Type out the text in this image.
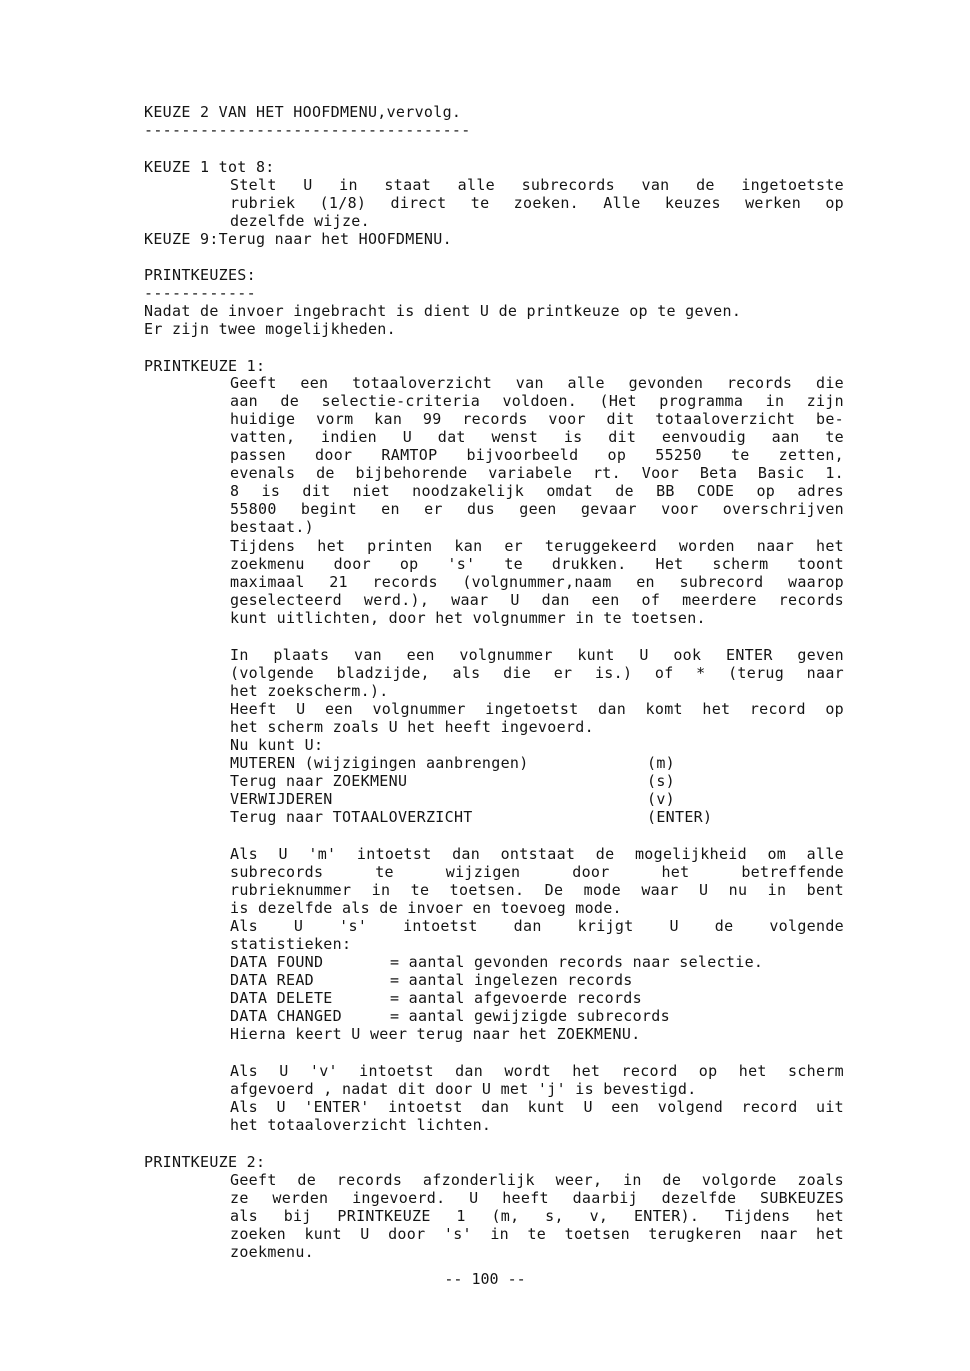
KEUZE 2 VAN HET HOOFDMENU,vervolg.
-----------------------------------
KEUZE 1 tot 8:
Stelt U in staat alle subrecords van de ingetoetste
rubriek (1/8) direct te zoeken. Alle keuzes werken op
dezelfde wijze.
KEUZE 9:Terug naar het HOOFDMENU.
PRINTKEUZES:
------------
Nadat de invoer ingebracht is dient U de printkeuze op te geven.
Er zijn twee mogelijkheden.
PRINTKEUZE 1:
Geeft een totaaloverzicht van alle gevonden records die
aan de selectie-criteria voldoen. (Het programma in zijn
huidige vorm kan 99 records voor dit totaaloverzicht be-
vatten, indien U dat wenst is dit eenvoudig aan te
passen door RAMTOP bijvoorbeeld op 55250 te zetten,
evenals de bijbehorende variabele rt. Voor Beta Basic 1.
8 is dit niet noodzakelijk omdat de BB CODE op adres
55800 begint en er dus geen gevaar voor overschrijven
bestaat.)
Tijdens het printen kan er teruggekeerd worden naar het
zoekmenu door op 's' te drukken. Het scherm toont
maximaal 21 records (volgnummer,naam en subrecord waarop
geselecteerd werd.), waar U dan een of meerdere records
kunt uitlichten, door het volgnummer in te toetsen.
In plaats van een volgnummer kunt U ook ENTER geven
(volgende bladzijde, als die er is.) of * (terug naar
het zoekscherm.).
Heeft U een volgnummer ingetoetst dan komt het record op
het scherm zoals U het heeft ingevoerd.
Nu kunt U:
MUTEREN (wijzigingen aanbrengen)	(m)
Terug naar ZOEKMENU	(s)
VERWIJDEREN	(v)
Terug naar TOTAALOVERZICHT	(ENTER)
Als U 'm' intoetst dan ontstaat de mogelijkheid om alle
subrecords te wijzigen door het betreffende
rubrieknummer in te toetsen. De mode waar U nu in bent
is dezelfde als de invoer en toevoeg mode.
Als U 's' intoetst dan krijgt U de volgende
statistieken:
DATA FOUND	= aantal gevonden records naar selectie.
DATA READ	= aantal ingelezen records
DATA DELETE	= aantal afgevoerde records
DATA CHANGED	= aantal gewijzigde subrecords
Hierna keert U weer terug naar het ZOEKMENU.
Als U 'v' intoetst dan wordt het record op het scherm
afgevoerd , nadat dit door U met 'j' is bevestigd.
Als U 'ENTER' intoetst dan kunt U een volgend record uit
het totaaloverzicht lichten.
PRINTKEUZE 2:
Geeft de records afzonderlijk weer, in de volgorde zoals
ze werden ingevoerd. U heeft daarbij dezelfde SUBKEUZES
als bij PRINTKEUZE 1 (m, s, v, ENTER). Tijdens het
zoeken kunt U door 's' in te toetsen terugkeren naar het
zoekmenu.
-- 100 --
